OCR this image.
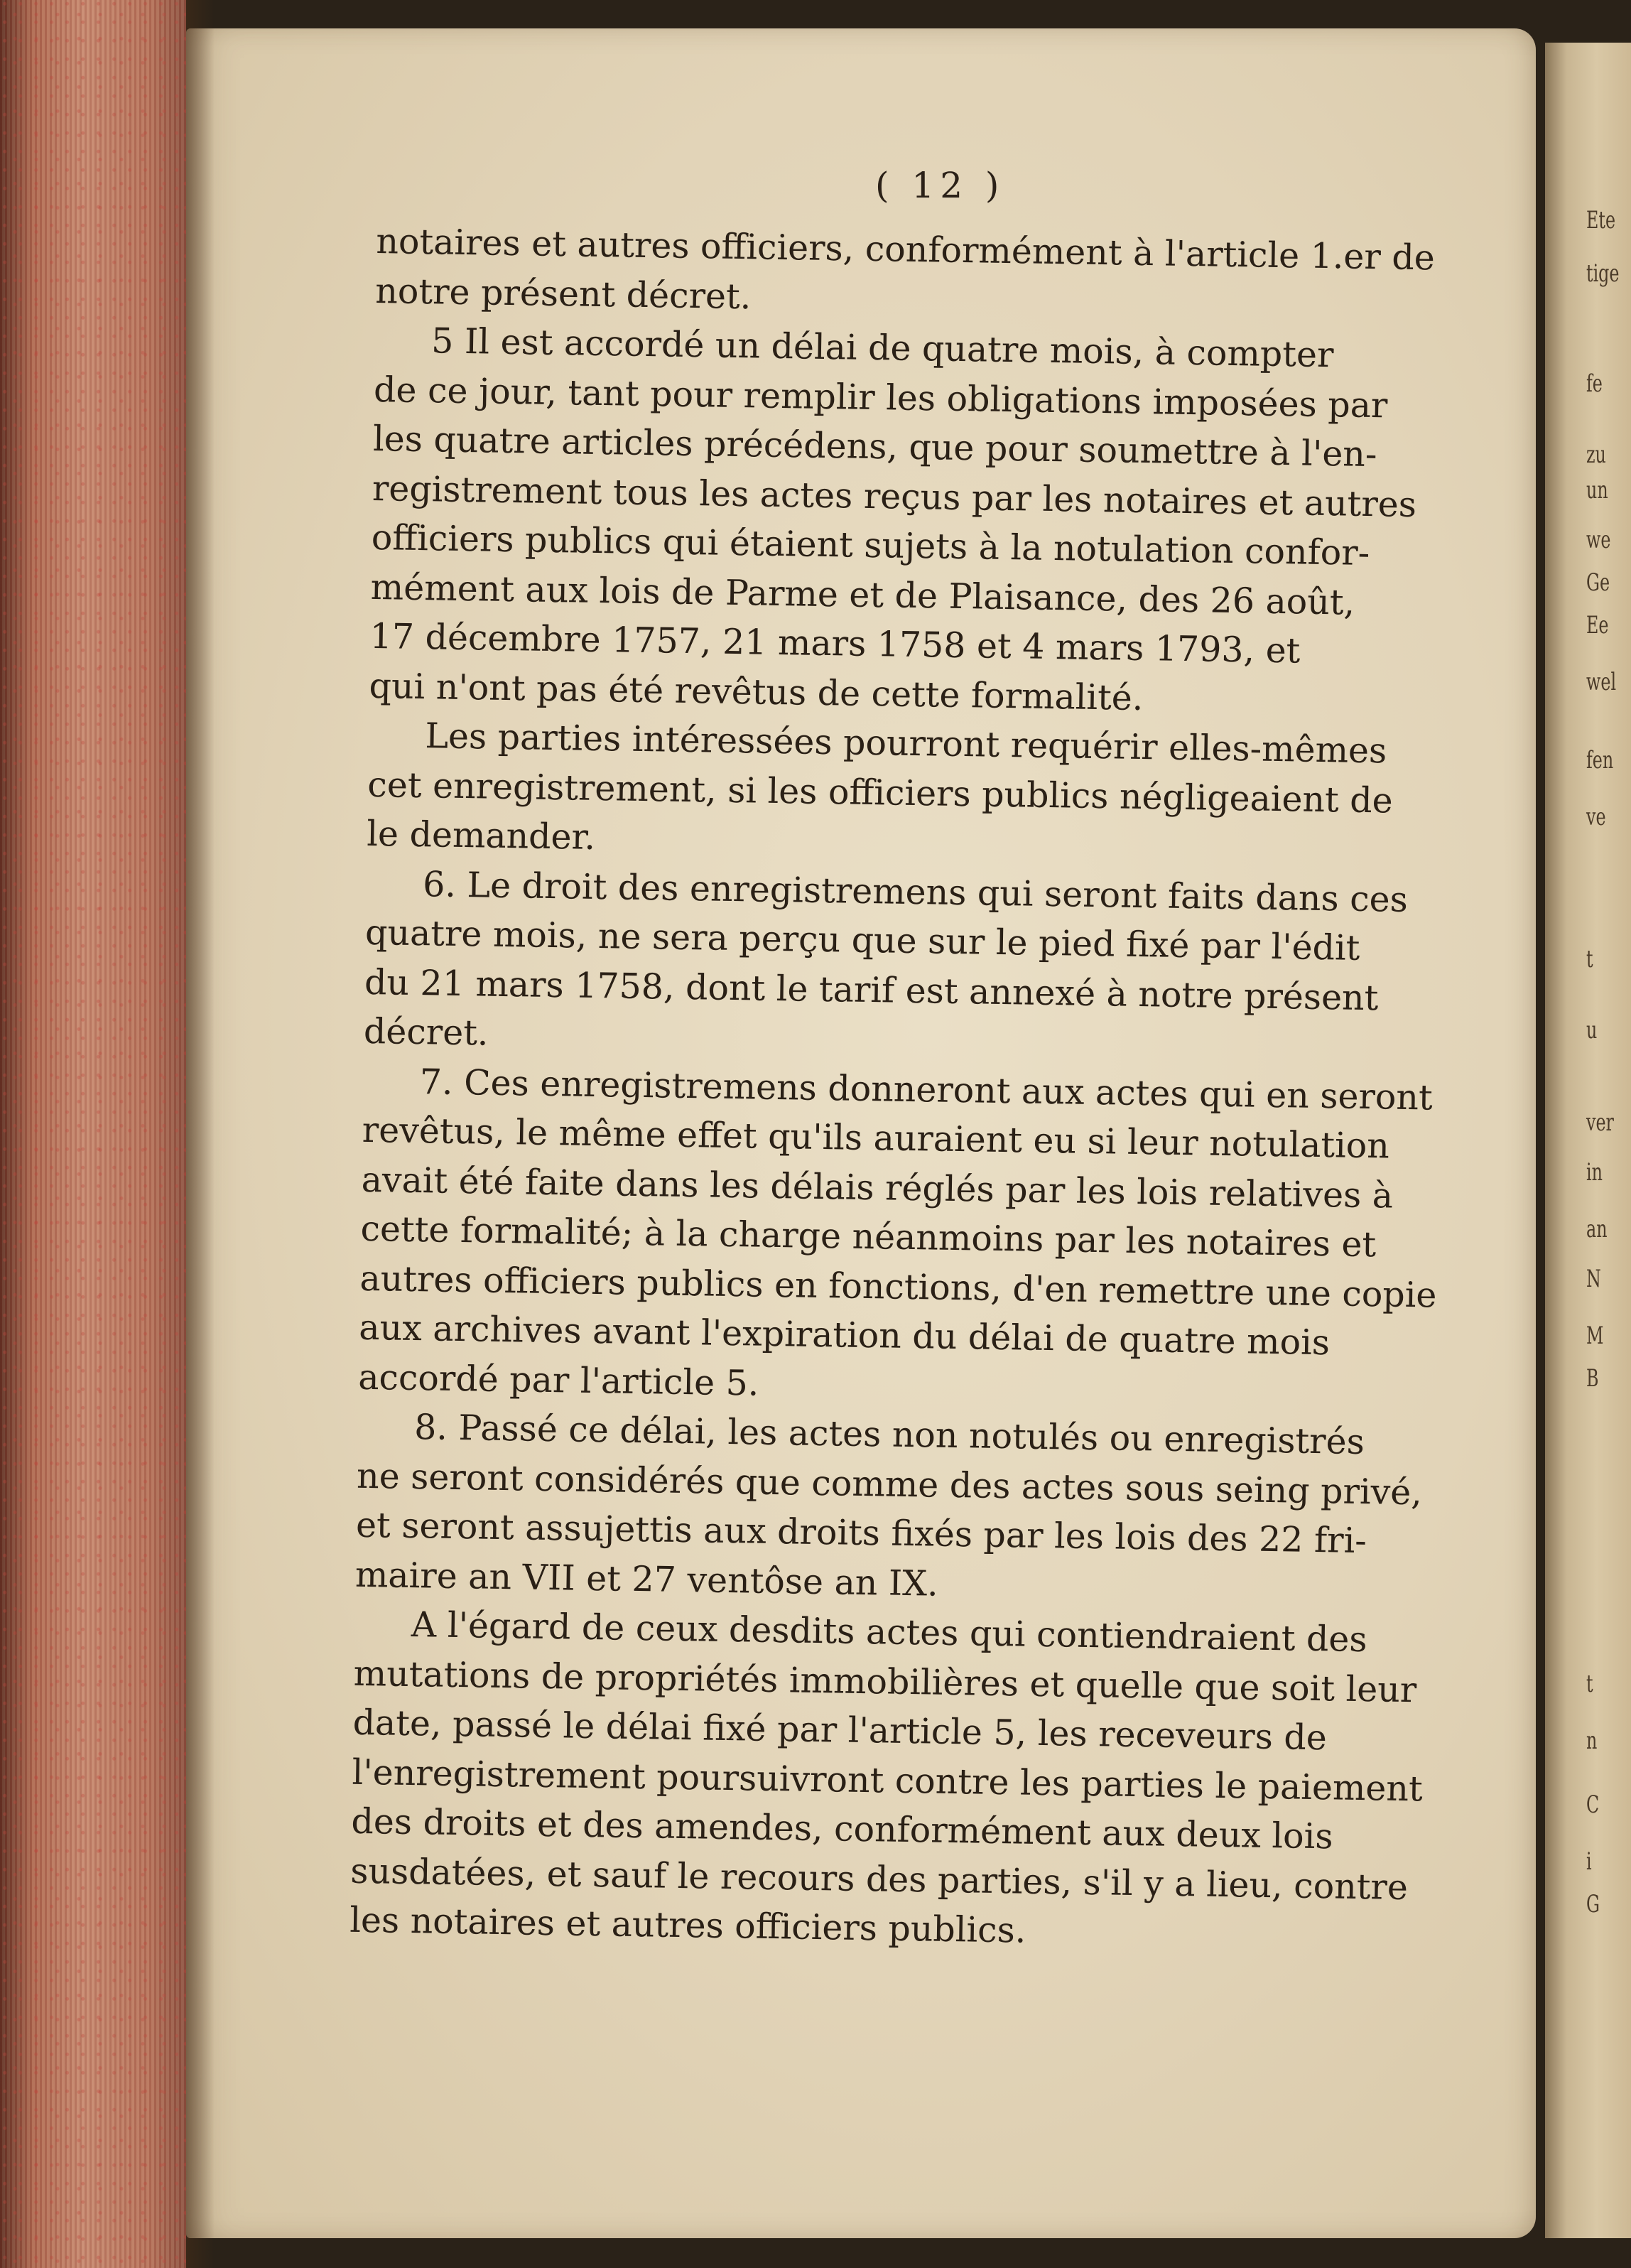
Ete
tige
fe
zu
un
we
Ge
Ee
wel
fen
ve
t
u
ver
in
an
N
M
B
t
n
C
i
G
( 12 )
notaires et autres officiers, conformément à l'article 1.er de
notre présent décret.
5 Il est accordé un délai de quatre mois, à compter
de ce jour, tant pour remplir les obligations imposées par
les quatre articles précédens, que pour soumettre à l'en-
registrement tous les actes reçus par les notaires et autres
officiers publics qui étaient sujets à la notulation confor-
mément aux lois de Parme et de Plaisance, des 26 août,
17 décembre 1757, 21 mars 1758 et 4 mars 1793, et
qui n'ont pas été revêtus de cette formalité.
Les parties intéressées pourront requérir elles-mêmes
cet enregistrement, si les officiers publics négligeaient de
le demander.
6. Le droit des enregistremens qui seront faits dans ces
quatre mois, ne sera perçu que sur le pied fixé par l'édit
du 21 mars 1758, dont le tarif est annexé à notre présent
décret.
7. Ces enregistremens donneront aux actes qui en seront
revêtus, le même effet qu'ils auraient eu si leur notulation
avait été faite dans les délais réglés par les lois relatives à
cette formalité; à la charge néanmoins par les notaires et
autres officiers publics en fonctions, d'en remettre une copie
aux archives avant l'expiration du délai de quatre mois
accordé par l'article 5.
8. Passé ce délai, les actes non notulés ou enregistrés
ne seront considérés que comme des actes sous seing privé,
et seront assujettis aux droits fixés par les lois des 22 fri-
maire an VII et 27 ventôse an IX.
A l'égard de ceux desdits actes qui contiendraient des
mutations de propriétés immobilières et quelle que soit leur
date, passé le délai fixé par l'article 5, les receveurs de
l'enregistrement poursuivront contre les parties le paiement
des droits et des amendes, conformément aux deux lois
susdatées, et sauf le recours des parties, s'il y a lieu, contre
les notaires et autres officiers publics.
